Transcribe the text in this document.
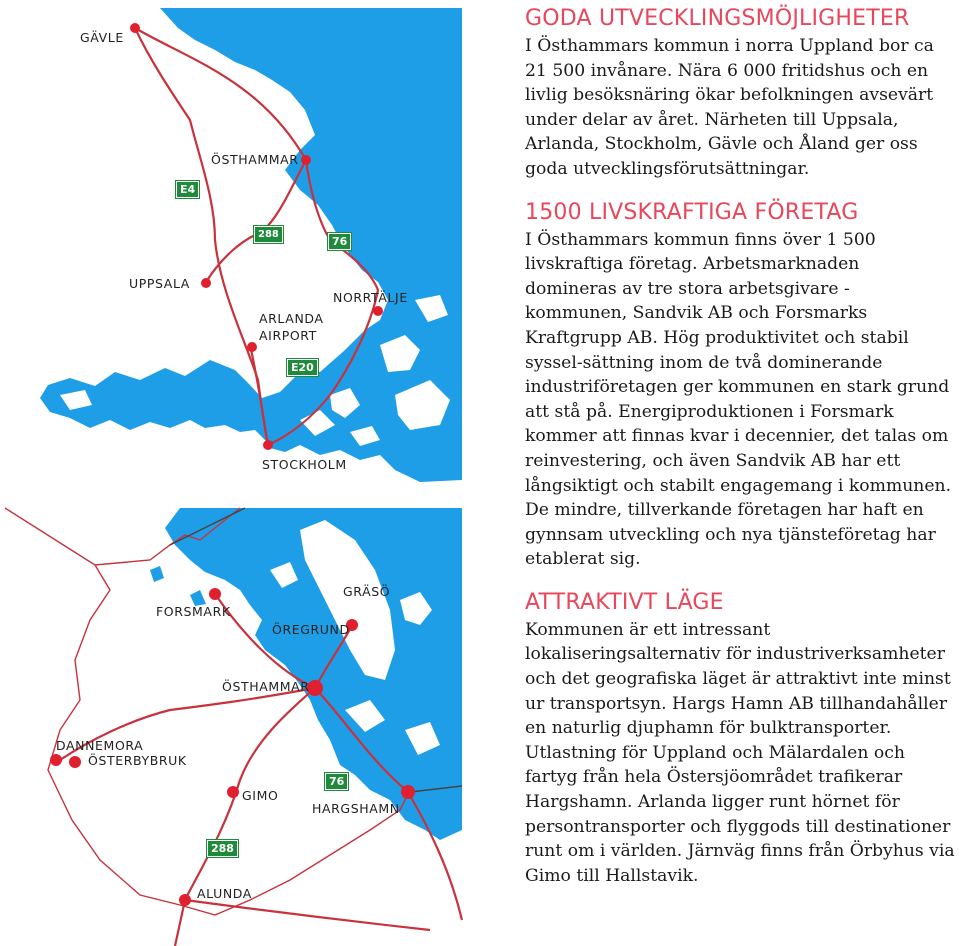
GÄVLE
ÖSTHAMMAR
UPPSALA
ARLANDA
AIRPORT
NORRTÄLJE
STOCKHOLM
E4
288
76
E20
FORSMARK
ÖREGRUND
GRÄSÖ
ÖSTHAMMAR
DANNEMORA
ÖSTERBYBRUK
GIMO
HARGSHAMN
ALUNDA
76
288
GODA UTVECKLINGSMÖJLIGHETER

I Östhammars kommun i norra Uppland bor ca 21 500 invånare. Nära 6 000 fritidshus och en livlig besöksnäring ökar befolkningen avsevärt under delar av året. Närheten till Uppsala, Arlanda, Stockholm, Gävle och Åland ger oss goda utvecklingsförutsättningar.

1500 LIVSKRAFTIGA FÖRETAG

I Östhammars kommun finns över 1 500 livskraftiga företag. Arbetsmarknaden domineras av tre stora arbetsgivare - kommunen, Sandvik AB och Forsmarks Kraftgrupp AB. Hög produktivitet och stabil syssel-sättning inom de två dominerande industriföretagen ger kommunen en stark grund att stå på. Energiproduktionen i Forsmark kommer att finnas kvar i decennier, det talas om reinvestering, och även Sandvik AB har ett långsiktigt och stabilt engagemang i kommunen. De mindre, tillverkande företagen har haft en gynnsam utveckling och nya tjänsteföretag har etablerat sig.

ATTRAKTIVT LÄGE

Kommunen är ett intressant lokaliseringsalternativ för industriverksamheter och det geografiska läget är attraktivt inte minst ur transportsyn. Hargs Hamn AB tillhandahåller en naturlig djuphamn för bulktransporter. Utlastning för Uppland och Mälardalen och fartyg från hela Östersjöområdet trafikerar Hargshamn. Arlanda ligger runt hörnet för persontransporter och flyggods till destinationer runt om i världen. Järnväg finns från Örbyhus via Gimo till Hallstavik.
